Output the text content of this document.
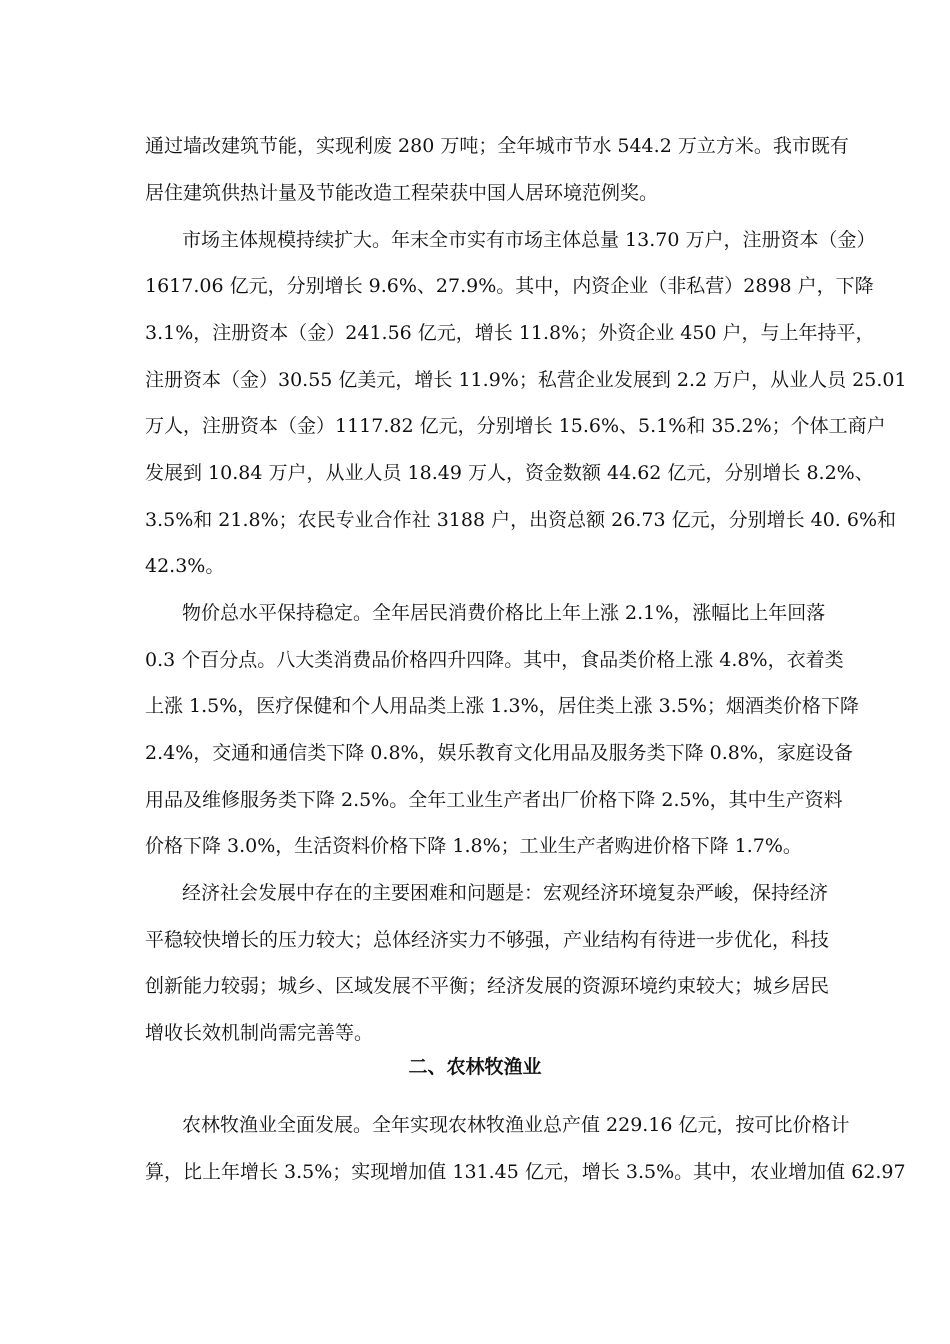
通过墙改建筑节能，实现利废 280 万吨；全年城市节水 544.2 万立方米。我市既有
居住建筑供热计量及节能改造工程荣获中国人居环境范例奖。
市场主体规模持续扩大。年末全市实有市场主体总量 13.70 万户，注册资本（金）
1617.06 亿元，分别增长 9.6%、27.9%。其中，内资企业（非私营）2898 户，下降
3.1%，注册资本（金）241.56 亿元，增长 11.8%；外资企业 450 户，与上年持平，
注册资本（金）30.55 亿美元，增长 11.9%；私营企业发展到 2.2 万户，从业人员 25.01
万人，注册资本（金）1117.82 亿元，分别增长 15.6%、5.1%和 35.2%；个体工商户
发展到 10.84 万户，从业人员 18.49 万人，资金数额 44.62 亿元，分别增长 8.2%、
3.5%和 21.8%；农民专业合作社 3188 户，出资总额 26.73 亿元，分别增长 40. 6%和
42.3%。
物价总水平保持稳定。全年居民消费价格比上年上涨 2.1%，涨幅比上年回落
0.3 个百分点。八大类消费品价格四升四降。其中，食品类价格上涨 4.8%，衣着类
上涨 1.5%，医疗保健和个人用品类上涨 1.3%，居住类上涨 3.5%；烟酒类价格下降
2.4%，交通和通信类下降 0.8%，娱乐教育文化用品及服务类下降 0.8%，家庭设备
用品及维修服务类下降 2.5%。全年工业生产者出厂价格下降 2.5%，其中生产资料
价格下降 3.0%，生活资料价格下降 1.8%；工业生产者购进价格下降 1.7%。
经济社会发展中存在的主要困难和问题是：宏观经济环境复杂严峻，保持经济
平稳较快增长的压力较大；总体经济实力不够强，产业结构有待进一步优化，科技
创新能力较弱；城乡、区域发展不平衡；经济发展的资源环境约束较大；城乡居民
增收长效机制尚需完善等。
二、农林牧渔业
农林牧渔业全面发展。全年实现农林牧渔业总产值 229.16 亿元，按可比价格计
算，比上年增长 3.5%；实现增加值 131.45 亿元，增长 3.5%。其中，农业增加值 62.97
